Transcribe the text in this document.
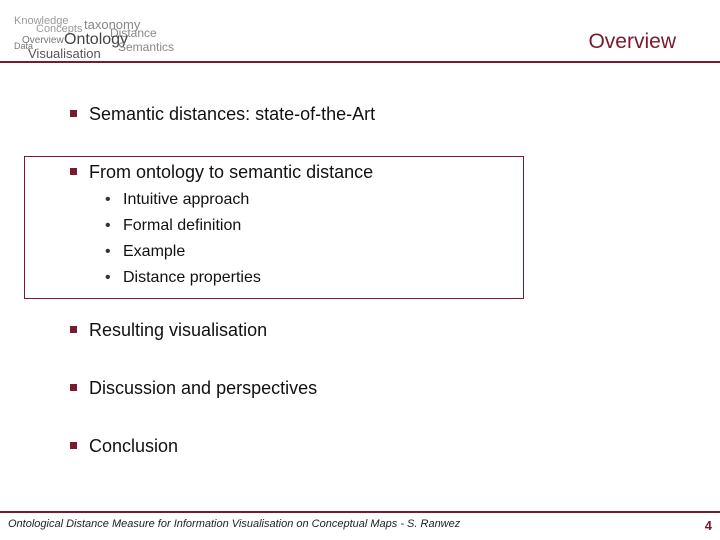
Knowledge taxonomy
Concepts Distance
Overview Ontology
Data	Semantics
Visualisation
Overview
Semantic distances: state-of-the-Art
From ontology to semantic distance
• Intuitive approach
• Formal definition
• Example
• Distance properties
Resulting visualisation
Discussion and perspectives
Conclusion
Ontological Distance Measure for Information Visualisation on Conceptual Maps - S. Ranwez	4
